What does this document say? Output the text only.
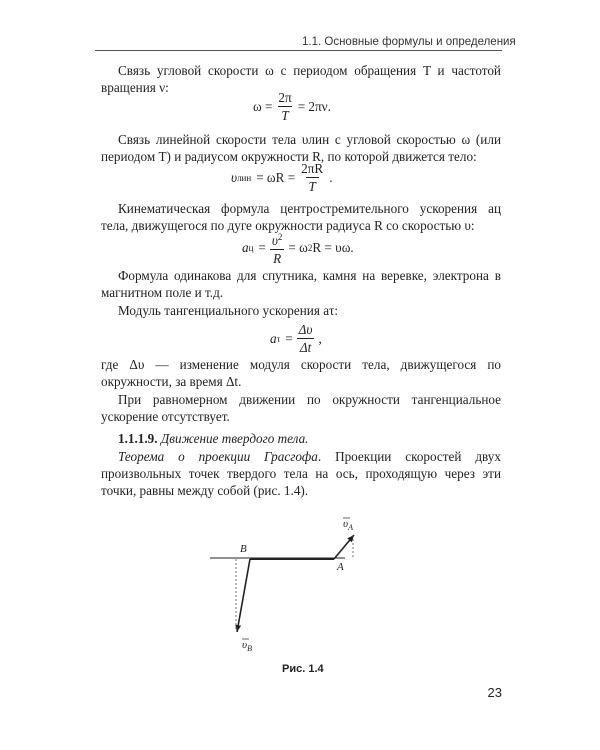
1.1. Основные формулы и определения

Связь угловой скорости ω с периодом обращения T и частотой вращения ν:

$\omega = \frac{2\pi}{T} = 2\pi\nu$.

Связь линейной скорости тела υлин с угловой скоростью ω (или периодом T) и радиусом окружности R, по которой движется тело:

υ лин = $\omega R = \frac{2\pi R}{T}$ .

Кинематическая формула центростремительного ускорения aц тела, движущегося по дуге окружности радиуса R со скоростью υ:

a $ц = \frac{\upsilon^2}{R} = \omega$ 2 R = υω.

Формула одинакова для спутника, камня на веревке, электрона в магнитном поле и т.д.

Модуль тангенциального ускорения aτ:

a $\tau = \frac{\Delta\upsilon}{\Delta t}$ ,

где Δυ — изменение модуля скорости тела, движущегося по окружности, за время Δt.

При равномерном движении по окружности тангенциальное ускорение отсутствует.

1.1.1.9. Движение твердого тела.

Теорема о проекции Грасгофа. Проекции скоростей двух произвольных точек твердого тела на ось, проходящую через эти точки, равны между собой (рис. 1.4).

B
A
$\upsilon_A$
$\upsilon_B$
Рис. 1.4
23
